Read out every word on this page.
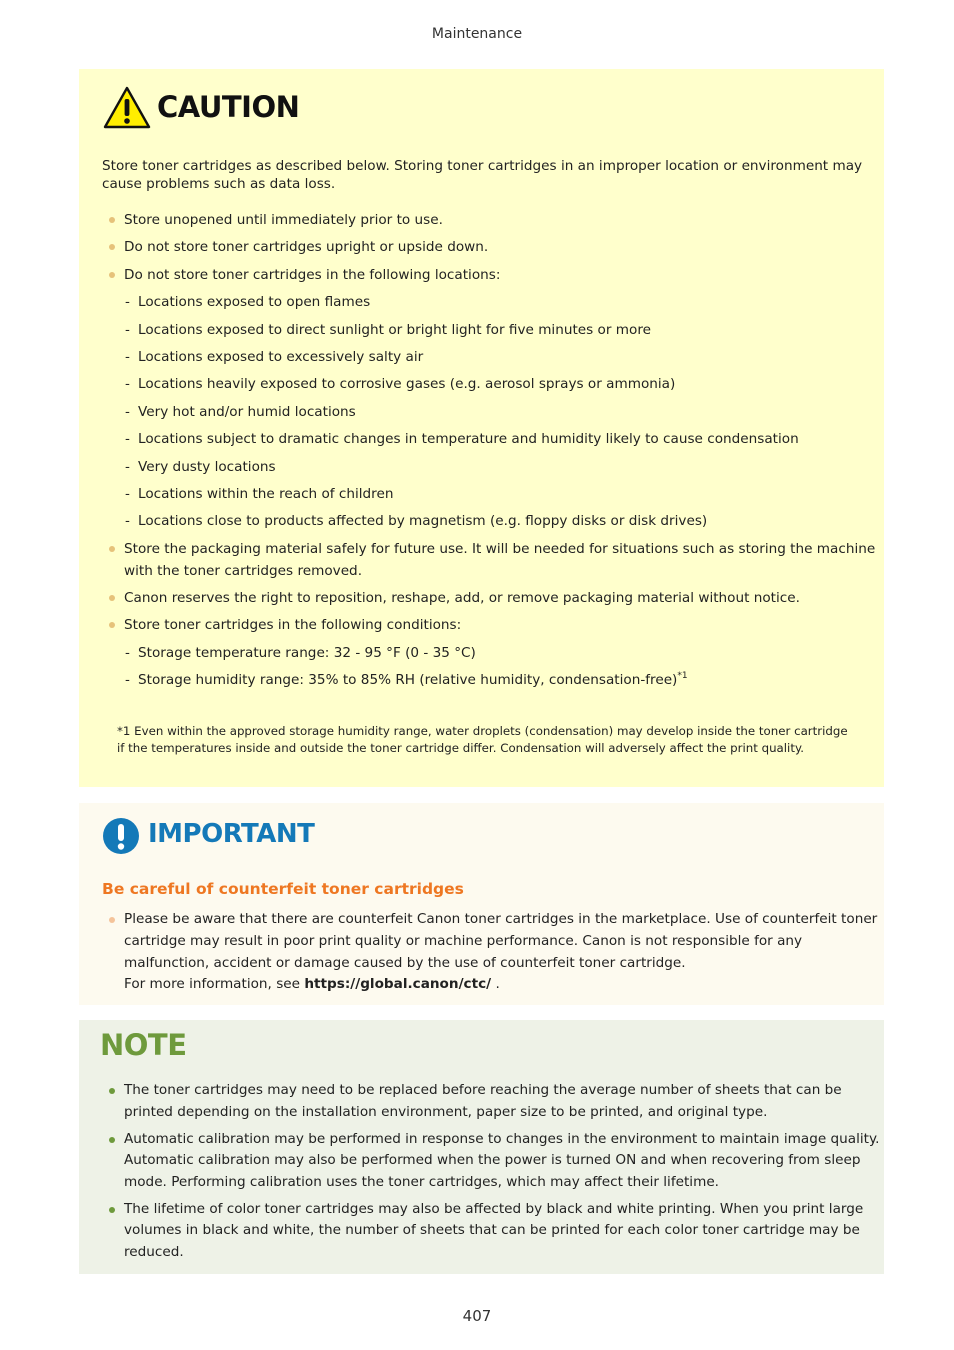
Maintenance
CAUTION

Store toner cartridges as described below. Storing toner cartridges in an improper location or environment may cause problems such as data loss.

Store unopened until immediately prior to use.
Do not store toner cartridges upright or upside down.
Do not store toner cartridges in the following locations:
- Locations exposed to open flames
- Locations exposed to direct sunlight or bright light for five minutes or more
- Locations exposed to excessively salty air
- Locations heavily exposed to corrosive gases (e.g. aerosol sprays or ammonia)
- Very hot and/or humid locations
- Locations subject to dramatic changes in temperature and humidity likely to cause condensation
- Very dusty locations
- Locations within the reach of children
- Locations close to products affected by magnetism (e.g. floppy disks or disk drives)
Store the packaging material safely for future use. It will be needed for situations such as storing the machine with the toner cartridges removed.
Canon reserves the right to reposition, reshape, add, or remove packaging material without notice.
Store toner cartridges in the following conditions:
- Storage temperature range: 32 - 95 °F (0 - 35 °C)
- Storage humidity range: 35% to 85% RH (relative humidity, condensation-free)$^{*1}$

*1 Even within the approved storage humidity range, water droplets (condensation) may develop inside the toner cartridge if the temperatures inside and outside the toner cartridge differ. Condensation will adversely affect the print quality.

IMPORTANT
Be careful of counterfeit toner cartridges
Please be aware that there are counterfeit Canon toner cartridges in the marketplace. Use of counterfeit toner cartridge may result in poor print quality or machine performance. Canon is not responsible for any malfunction, accident or damage caused by the use of counterfeit toner cartridge.
For more information, see https://global.canon/ctc/ .
NOTE
The toner cartridges may need to be replaced before reaching the average number of sheets that can be printed depending on the installation environment, paper size to be printed, and original type.
Automatic calibration may be performed in response to changes in the environment to maintain image quality. Automatic calibration may also be performed when the power is turned ON and when recovering from sleep mode. Performing calibration uses the toner cartridges, which may affect their lifetime.
The lifetime of color toner cartridges may also be affected by black and white printing. When you print large volumes in black and white, the number of sheets that can be printed for each color toner cartridge may be reduced.
407
